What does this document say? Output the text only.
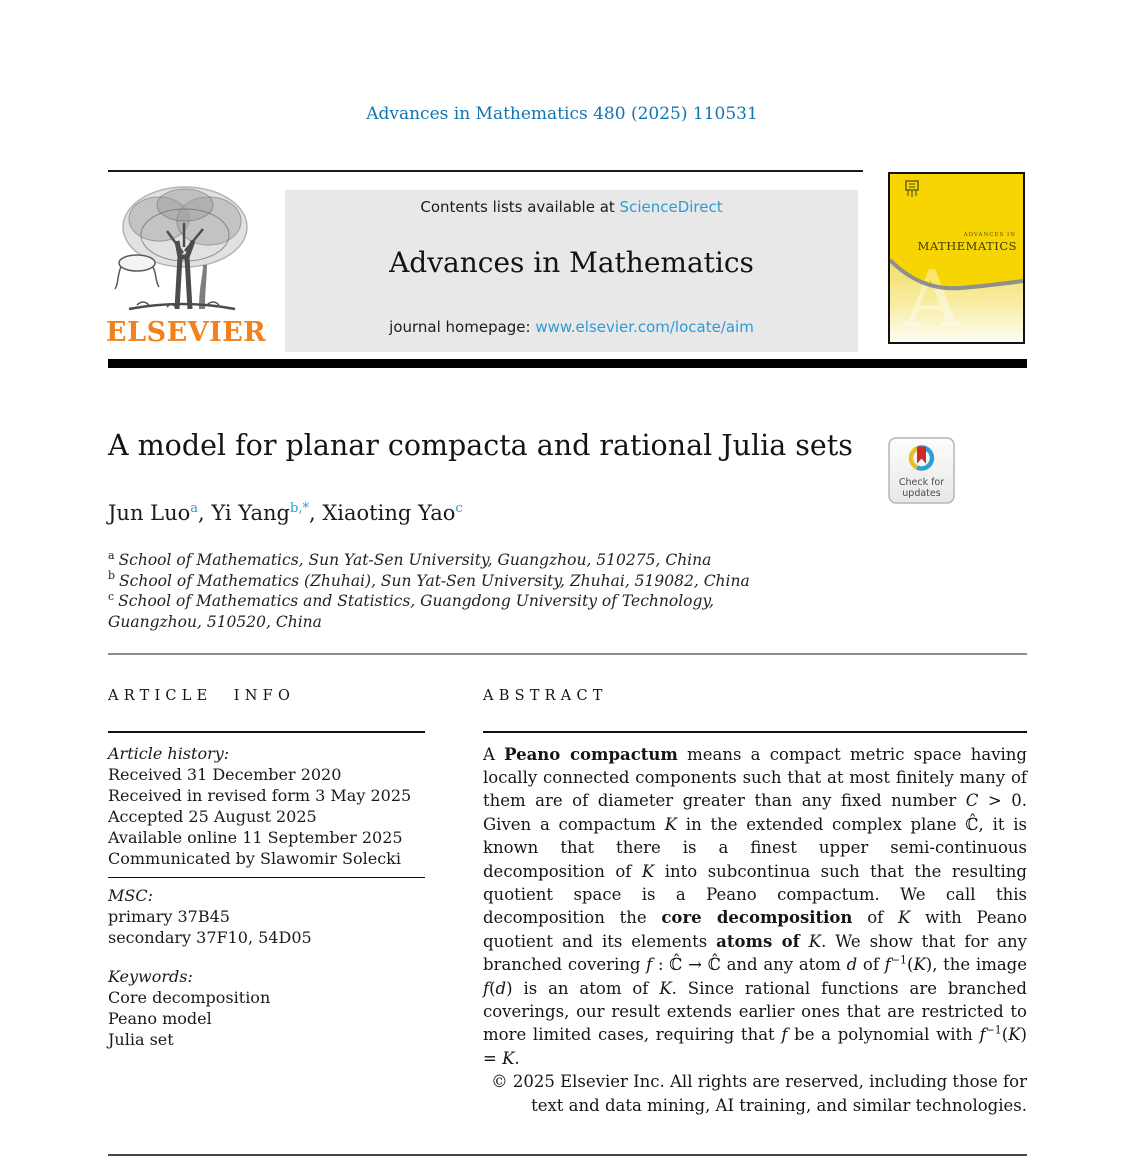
Advances in Mathematics 480 (2025) 110531
ELSEVIER
Contents lists available at ScienceDirect
Advances in Mathematics
journal homepage: www.elsevier.com/locate/aim	A
ADVANCES IN
MATHEMATICS
A model for planar compacta and rational Julia sets
Check for
updates
Jun Luo$^a$, Yi Yang$^{b,*}$, Xiaoting Yao$^c$
$^a$ School of Mathematics, Sun Yat-Sen University, Guangzhou, 510275, China
$^b$ School of Mathematics (Zhuhai), Sun Yat-Sen University, Zhuhai, 519082, China
$^c$ School of Mathematics and Statistics, Guangdong University of Technology, Guangzhou, 510520, China
ARTICLE INFO
Article history:
Received 31 December 2020
Received in revised form 3 May 2025
Accepted 25 August 2025
Available online 11 September 2025
Communicated by Slawomir Solecki
MSC:
primary 37B45
secondary 37F10, 54D05
Keywords:
Core decomposition
Peano model
Julia set
ABSTRACT
A Peano compactum means a compact metric space having locally connected components such that at most finitely many of them are of diameter greater than any fixed number C > 0. Given a compactum K in the extended complex plane ℂ̂, it is known that there is a finest upper semi-continuous decomposition of K into subcontinua such that the resulting quotient space is a Peano compactum. We call this decomposition the core decomposition of K with Peano quotient and its elements atoms of K. We show that for any branched covering f : ℂ̂ → ℂ̂ and any atom d of $f^{-1}(K)$, the image f(d) is an atom of K. Since rational functions are branched coverings, our result extends earlier ones that are restricted to more limited cases, requiring that f be a polynomial with $f^{-1}(K) = K$.
© 2025 Elsevier Inc. All rights are reserved, including those for text and data mining, AI training, and similar technologies.
